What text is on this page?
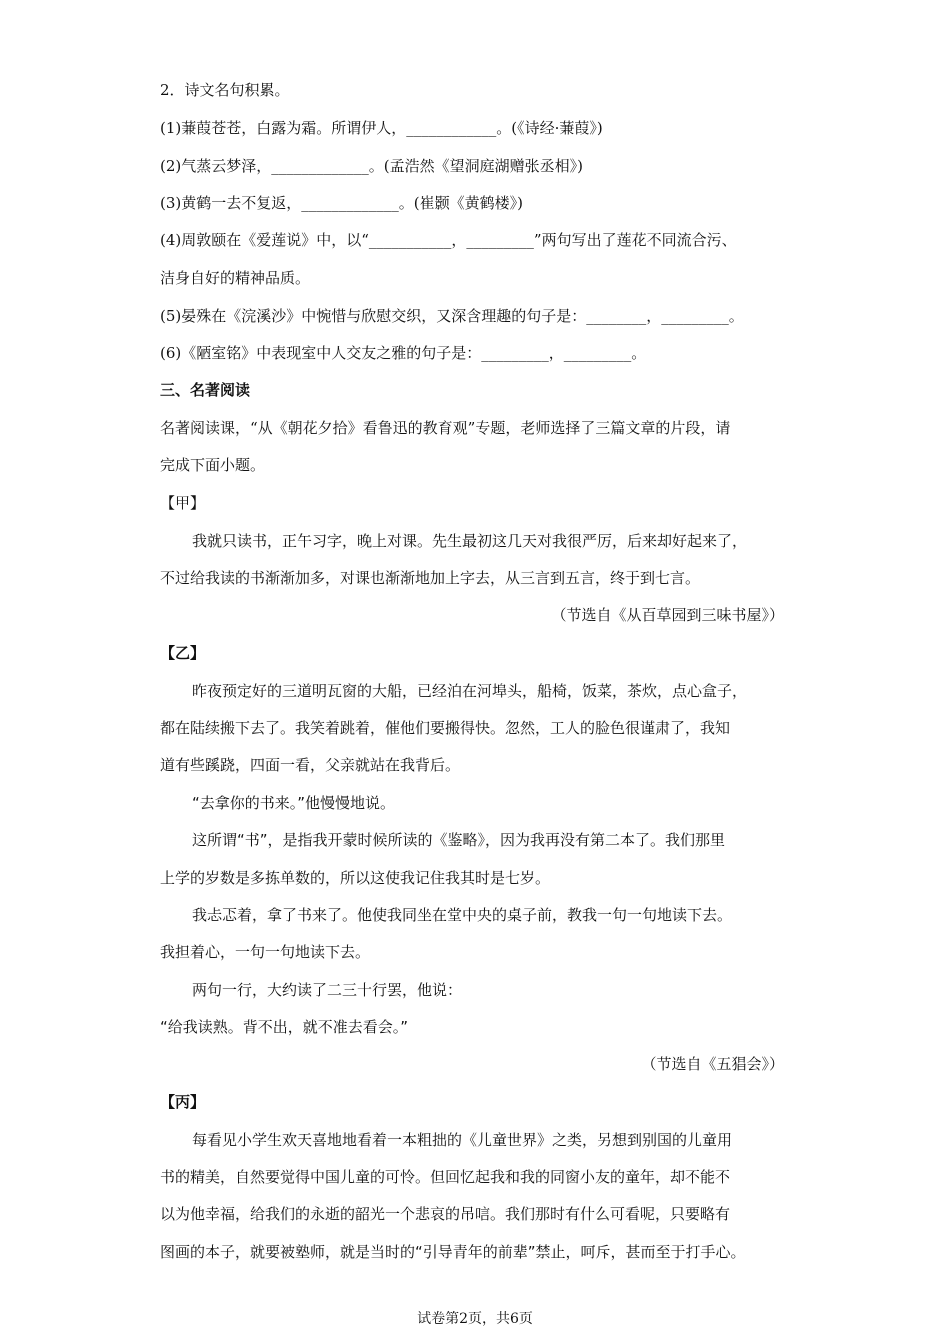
2．诗文名句积累。
(1)蒹葭苍苍，白露为霜。所谓伊人，____________。(《诗经·蒹葭》)
(2)气蒸云梦泽，_____________。(孟浩然《望洞庭湖赠张丞相》)
(3)黄鹤一去不复返，_____________。(崔颢《黄鹤楼》)
(4)周敦颐在《爱莲说》中，以“___________，_________”两句写出了莲花不同流合污、
洁身自好的精神品质。
(5)晏殊在《浣溪沙》中惋惜与欣慰交织，又深含理趣的句子是：________，_________。
(6)《陋室铭》中表现室中人交友之雅的句子是：_________，_________。
三、名著阅读
名著阅读课，“从《朝花夕拾》看鲁迅的教育观”专题，老师选择了三篇文章的片段，请
完成下面小题。
【甲】
我就只读书，正午习字，晚上对课。先生最初这几天对我很严厉，后来却好起来了，
不过给我读的书渐渐加多，对课也渐渐地加上字去，从三言到五言，终于到七言。
（节选自《从百草园到三味书屋》）
【乙】
昨夜预定好的三道明瓦窗的大船，已经泊在河埠头，船椅，饭菜，茶炊，点心盒子，
都在陆续搬下去了。我笑着跳着，催他们要搬得快。忽然，工人的脸色很谨肃了，我知
道有些蹊跷，四面一看，父亲就站在我背后。
“去拿你的书来。”他慢慢地说。
这所谓“书”，是指我开蒙时候所读的《鉴略》，因为我再没有第二本了。我们那里
上学的岁数是多拣单数的，所以这使我记住我其时是七岁。
我忐忑着，拿了书来了。他使我同坐在堂中央的桌子前，教我一句一句地读下去。
我担着心，一句一句地读下去。
两句一行，大约读了二三十行罢，他说：
“给我读熟。背不出，就不准去看会。”
（节选自《五猖会》）
【丙】
每看见小学生欢天喜地地看着一本粗拙的《儿童世界》之类，另想到别国的儿童用
书的精美，自然要觉得中国儿童的可怜。但回忆起我和我的同窗小友的童年，却不能不
以为他幸福，给我们的永逝的韶光一个悲哀的吊唁。我们那时有什么可看呢，只要略有
图画的本子，就要被塾师，就是当时的“引导青年的前辈”禁止，呵斥，甚而至于打手心。
试卷第2页，共6页
